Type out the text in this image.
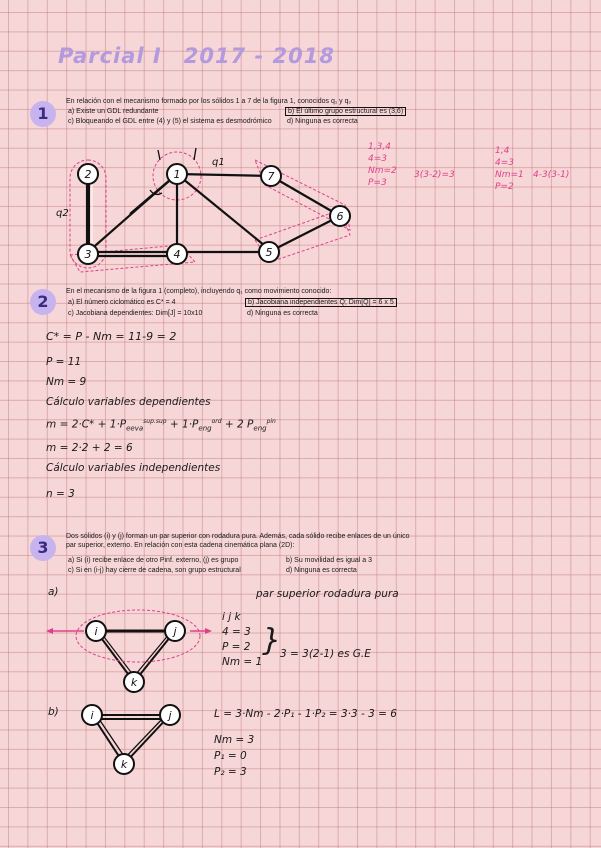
Parcial I 2017 - 2018
1
En relación con el mecanismo formado por los sólidos 1 a 7 de la figura 1, conocidos q₁ y q₂
a) Existe un GDL redundante	b) El último grupo estructural es (3,6)
c) Bloqueando el GDL entre (4) y (5) el sistema es desmodrómico d) Ninguna es correcta
2	1	7
6
3	4	5
q1
q2
i	j
k
i	j
k
1,3,4
4=3
Nm=2
P=3
3(3-2)=3
1,4
4=3
Nm=1
P=2
4-3(3-1)
2
En el mecanismo de la figura 1 (completo), incluyendo q₁ como movimiento conocido:
a) El número ciclomático es C* = 4	b) Jacobiana independientes Q; Dim[Q] = 6 x 5
c) Jacobiana dependientes: Dim[J] = 10x10	d) Ninguna es correcta
C* = P - Nm = 11-9 = 2
P = 11
Nm = 9
Cálculo variables dependientes
$m = 2\cdot C* + 1\cdot P_{eeva}^{sup.sup} + 1\cdot P_{eng}^{ord} + 2$ $P_{eng}^{pin}$
m = 2·2 + 2 = 6
Cálculo variables independientes
n = 3
3
Dos sólidos (i) y (j) forman un par superior con rodadura pura. Además, cada sólido recibe enlaces de un único par superior, externo. En relación con esta cadena cinemática plana (2D):
a) Si (i) recibe enlace de otro Pinf. externo, (j) es grupo	b) Su movilidad es igual a 3
c) Si en (i-j) hay cierre de cadena, son grupo estructural	d) Ninguna es correcta
a)	par superior rodadura pura
i j k
4 = 3
P = 2
Nm = 1
}
3 = 3(2-1) es G.E
b)	L = 3·Nm - 2·P₁ - 1·P₂ = 3·3 - 3 = 6
Nm = 3
P₁ = 0
P₂ = 3
